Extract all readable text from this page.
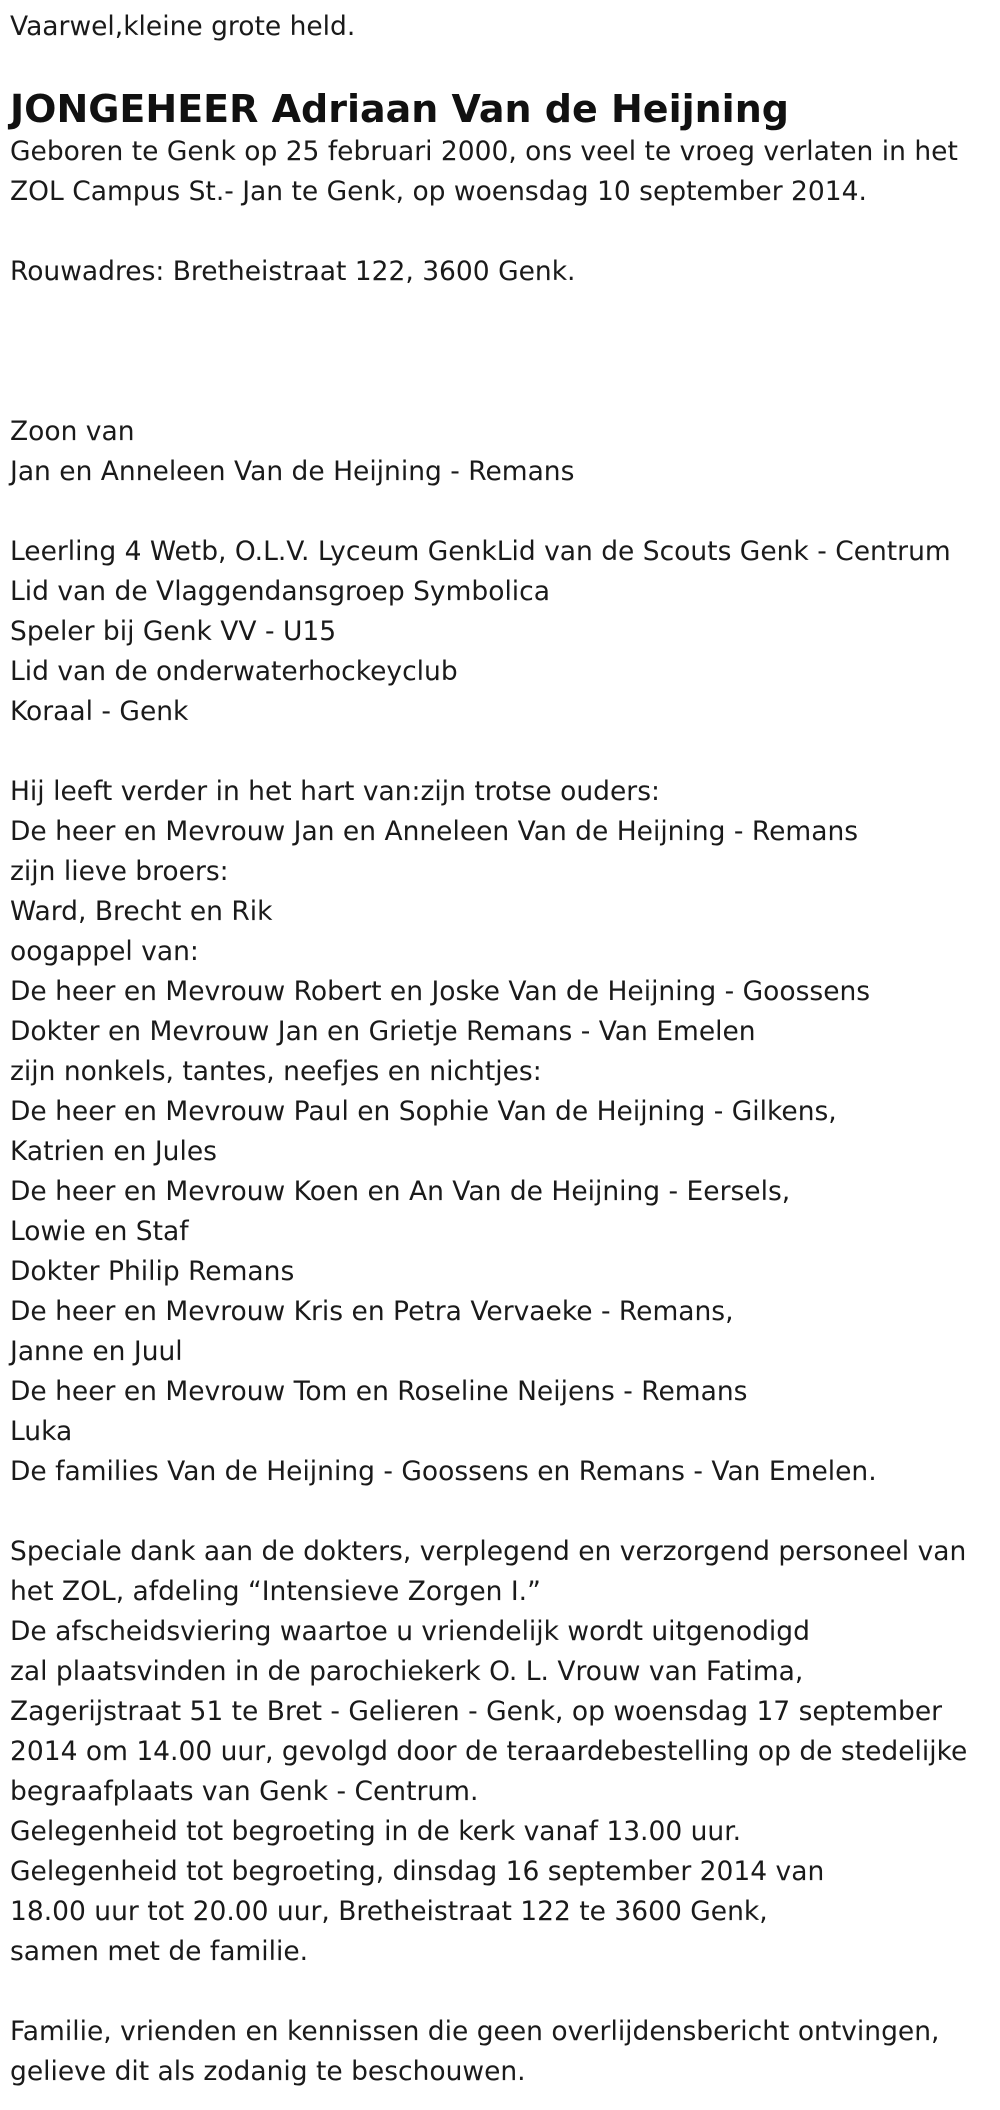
Vaarwel,kleine grote held.
JONGEHEER Adriaan Van de Heijning
Geboren te Genk op 25 februari 2000, ons veel te vroeg verlaten in het
ZOL Campus St.- Jan te Genk, op woensdag 10 september 2014.
Rouwadres: Bretheistraat 122, 3600 Genk.
Zoon van
Jan en Anneleen Van de Heijning - Remans
Leerling 4 Wetb, O.L.V. Lyceum GenkLid van de Scouts Genk - Centrum
Lid van de Vlaggendansgroep Symbolica
Speler bij Genk VV - U15
Lid van de onderwaterhockeyclub
Koraal - Genk
Hij leeft verder in het hart van:zijn trotse ouders:
De heer en Mevrouw Jan en Anneleen Van de Heijning - Remans
zijn lieve broers:
Ward, Brecht en Rik
oogappel van:
De heer en Mevrouw Robert en Joske Van de Heijning - Goossens
Dokter en Mevrouw Jan en Grietje Remans - Van Emelen
zijn nonkels, tantes, neefjes en nichtjes:
De heer en Mevrouw Paul en Sophie Van de Heijning - Gilkens,
Katrien en Jules
De heer en Mevrouw Koen en An Van de Heijning - Eersels,
Lowie en Staf
Dokter Philip Remans
De heer en Mevrouw Kris en Petra Vervaeke - Remans,
Janne en Juul
De heer en Mevrouw Tom en Roseline Neijens - Remans
Luka
De families Van de Heijning - Goossens en Remans - Van Emelen.
Speciale dank aan de dokters, verplegend en verzorgend personeel van
het ZOL, afdeling “Intensieve Zorgen I.”
De afscheidsviering waartoe u vriendelijk wordt uitgenodigd
zal plaatsvinden in de parochiekerk O. L. Vrouw van Fatima,
Zagerijstraat 51 te Bret - Gelieren - Genk, op woensdag 17 september
2014 om 14.00 uur, gevolgd door de teraardebestelling op de stedelijke
begraafplaats van Genk - Centrum.
Gelegenheid tot begroeting in de kerk vanaf 13.00 uur.
Gelegenheid tot begroeting, dinsdag 16 september 2014 van
18.00 uur tot 20.00 uur, Bretheistraat 122 te 3600 Genk,
samen met de familie.
Familie, vrienden en kennissen die geen overlijdensbericht ontvingen,
gelieve dit als zodanig te beschouwen.
